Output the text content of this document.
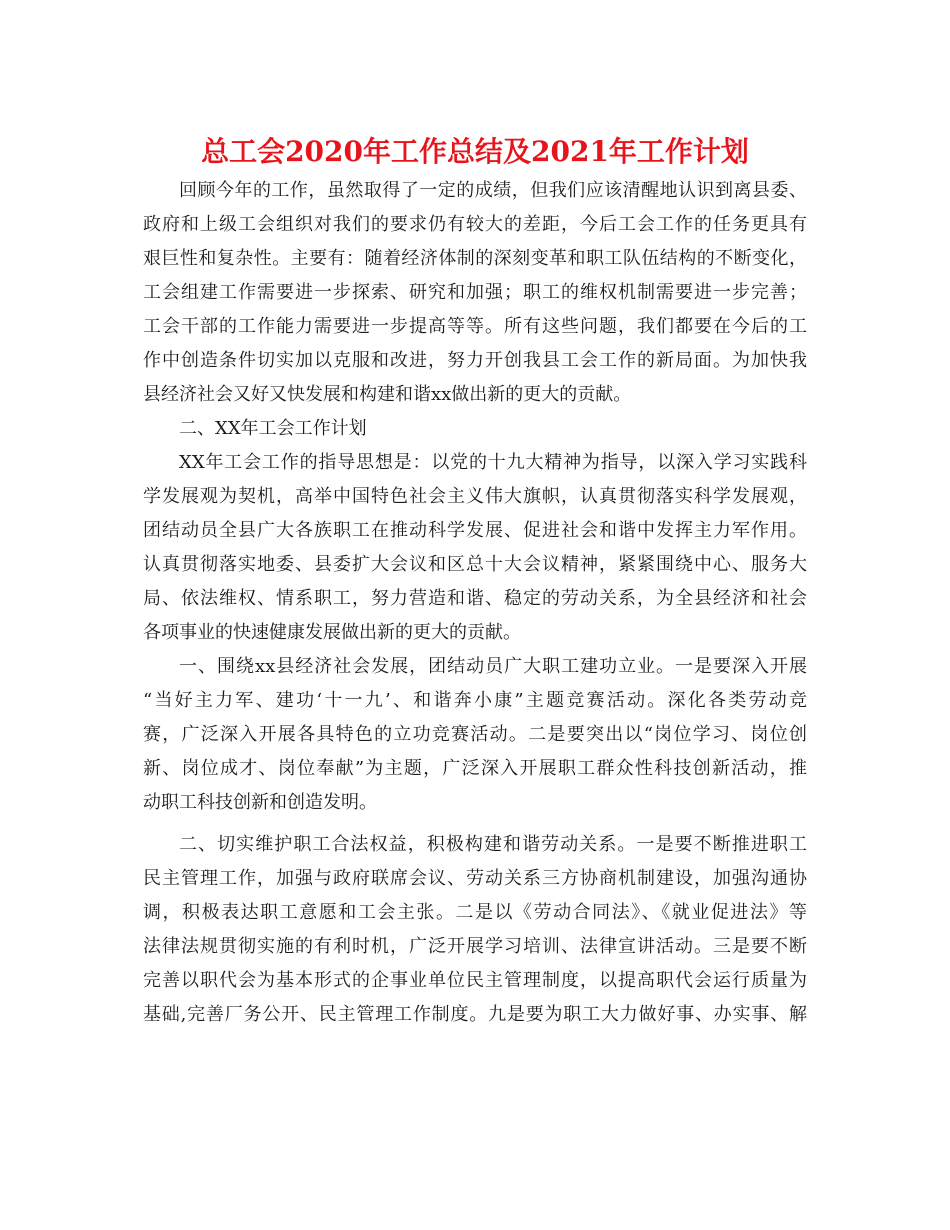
总工会2020年工作总结及2021年工作计划
回顾今年的工作，虽然取得了一定的成绩，但我们应该清醒地认识到离县委、
政府和上级工会组织对我们的要求仍有较大的差距，今后工会工作的任务更具有
艰巨性和复杂性。主要有：随着经济体制的深刻变革和职工队伍结构的不断变化，
工会组建工作需要进一步探索、研究和加强；职工的维权机制需要进一步完善；
工会干部的工作能力需要进一步提高等等。所有这些问题，我们都要在今后的工
作中创造条件切实加以克服和改进，努力开创我县工会工作的新局面。为加快我
县经济社会又好又快发展和构建和谐xx做出新的更大的贡献。
二、XX年工会工作计划
XX年工会工作的指导思想是：以党的十九大精神为指导，以深入学习实践科
学发展观为契机，高举中国特色社会主义伟大旗帜，认真贯彻落实科学发展观，
团结动员全县广大各族职工在推动科学发展、促进社会和谐中发挥主力军作用。
认真贯彻落实地委、县委扩大会议和区总十大会议精神，紧紧围绕中心、服务大
局、依法维权、情系职工，努力营造和谐、稳定的劳动关系，为全县经济和社会
各项事业的快速健康发展做出新的更大的贡献。
一、围绕xx县经济社会发展，团结动员广大职工建功立业。一是要深入开展
“当好主力军、建功‘十一九’、和谐奔小康”主题竞赛活动。深化各类劳动竞
赛，广泛深入开展各具特色的立功竞赛活动。二是要突出以“岗位学习、岗位创
新、岗位成才、岗位奉献”为主题，广泛深入开展职工群众性科技创新活动，推
动职工科技创新和创造发明。
二、切实维护职工合法权益，积极构建和谐劳动关系。一是要不断推进职工
民主管理工作，加强与政府联席会议、劳动关系三方协商机制建设，加强沟通协
调，积极表达职工意愿和工会主张。二是以《劳动合同法》、《就业促进法》等
法律法规贯彻实施的有利时机，广泛开展学习培训、法律宣讲活动。三是要不断
完善以职代会为基本形式的企事业单位民主管理制度，以提高职代会运行质量为
基础,完善厂务公开、民主管理工作制度。九是要为职工大力做好事、办实事、解
